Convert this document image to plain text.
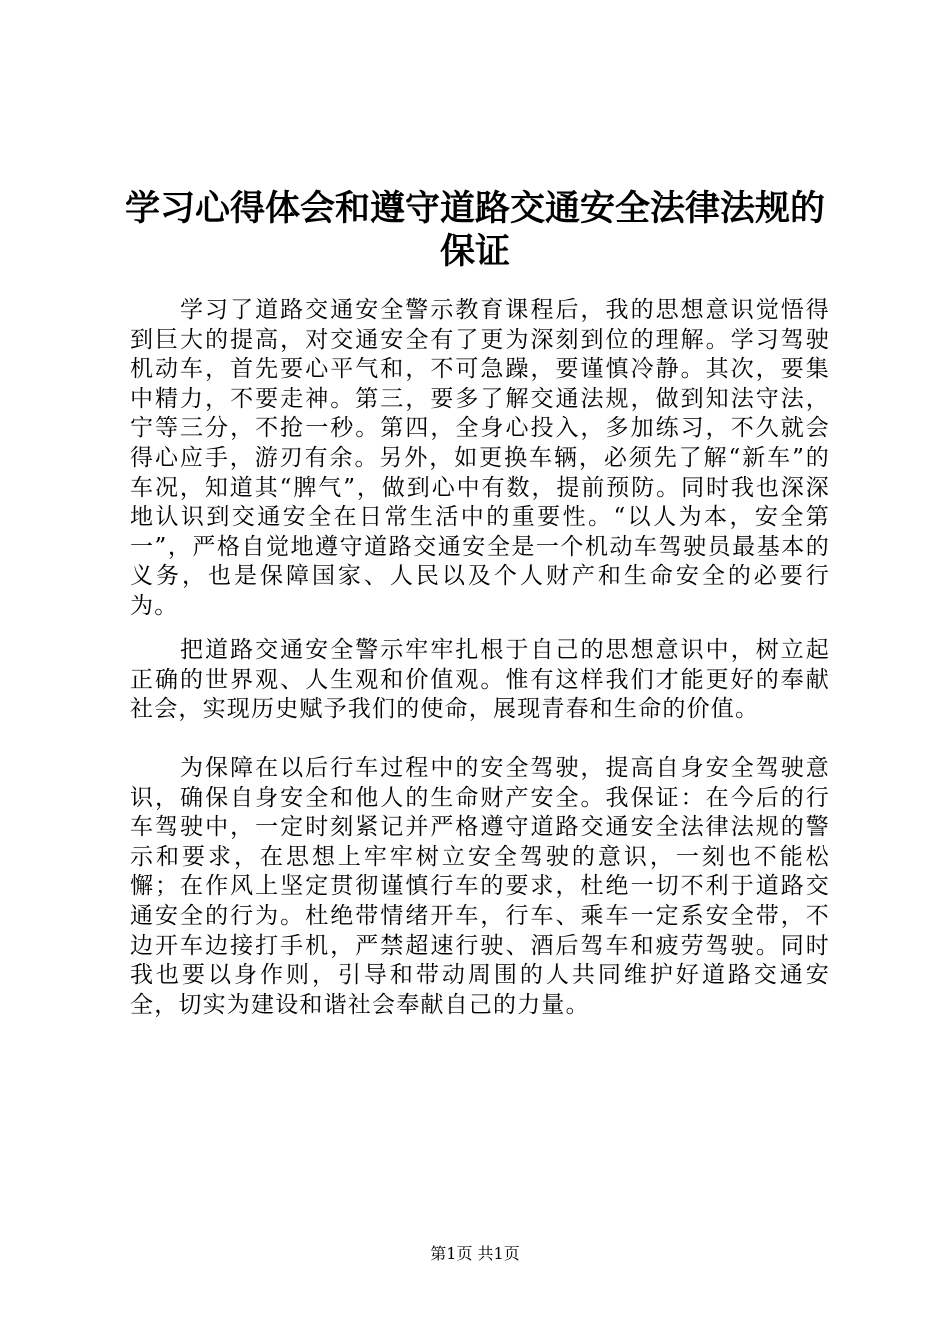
学习心得体会和遵守道路交通安全法律法规的
保证

学习了道路交通安全警示教育课程后，我的思想意识觉悟得到巨大的提高，对交通安全有了更为深刻到位的理解。学习驾驶机动车，首先要心平气和，不可急躁，要谨慎冷静。其次，要集中精力，不要走神。第三，要多了解交通法规，做到知法守法，宁等三分，不抢一秒。第四，全身心投入，多加练习，不久就会得心应手，游刃有余。另外，如更换车辆，必须先了解“新车”的车况，知道其“脾气”，做到心中有数，提前预防。同时我也深深地认识到交通安全在日常生活中的重要性。“以人为本，安全第一”，严格自觉地遵守道路交通安全是一个机动车驾驶员最基本的义务，也是保障国家、人民以及个人财产和生命安全的必要行为。

把道路交通安全警示牢牢扎根于自己的思想意识中，树立起正确的世界观、人生观和价值观。惟有这样我们才能更好的奉献社会，实现历史赋予我们的使命，展现青春和生命的价值。

为保障在以后行车过程中的安全驾驶，提高自身安全驾驶意识，确保自身安全和他人的生命财产安全。我保证：在今后的行车驾驶中，一定时刻紧记并严格遵守道路交通安全法律法规的警示和要求，在思想上牢牢树立安全驾驶的意识，一刻也不能松懈；在作风上坚定贯彻谨慎行车的要求，杜绝一切不利于道路交通安全的行为。杜绝带情绪开车，行车、乘车一定系安全带，不边开车边接打手机，严禁超速行驶、酒后驾车和疲劳驾驶。同时我也要以身作则，引导和带动周围的人共同维护好道路交通安全，切实为建设和谐社会奉献自己的力量。

第1页 共1页
